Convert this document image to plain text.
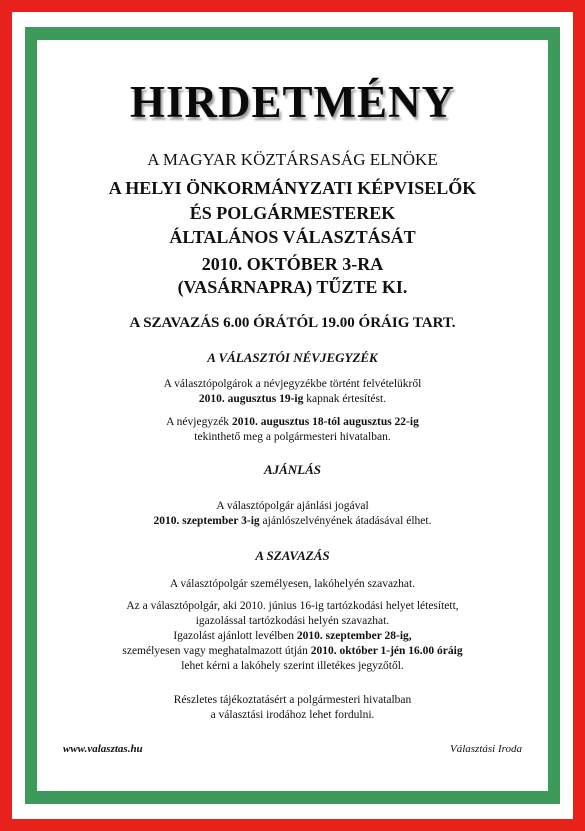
HIRDETMÉNY
A MAGYAR KÖZTÁRSASÁG ELNÖKE
A HELYI ÖNKORMÁNYZATI KÉPVISELŐK
ÉS POLGÁRMESTEREK
ÁLTALÁNOS VÁLASZTÁSÁT
2010. OKTÓBER 3-RA
(VASÁRNAPRA) TŰZTE KI.
A SZAVAZÁS 6.00 ÓRÁTÓL 19.00 ÓRÁIG TART.
A VÁLASZTÓI NÉVJEGYZÉK
A választópolgárok a névjegyzékbe történt felvételükről
2010. augusztus 19-ig kapnak értesítést.
A névjegyzék 2010. augusztus 18-tól augusztus 22-ig
tekinthető meg a polgármesteri hivatalban.
AJÁNLÁS
A választópolgár ajánlási jogával
2010. szeptember 3-ig ajánlószelvényének átadásával élhet.
A SZAVAZÁS
A választópolgár személyesen, lakóhelyén szavazhat.
Az a választópolgár, aki 2010. június 16-ig tartózkodási helyet létesített,
igazolással tartózkodási helyén szavazhat.
Igazolást ajánlott levélben 2010. szeptember 28-ig,
személyesen vagy meghatalmazott útján 2010. október 1-jén 16.00 óráig
lehet kérni a lakóhely szerint illetékes jegyzőtől.
Részletes tájékoztatásért a polgármesteri hivatalban
a választási irodához lehet fordulni.
www.valasztas.hu	Választási Iroda
